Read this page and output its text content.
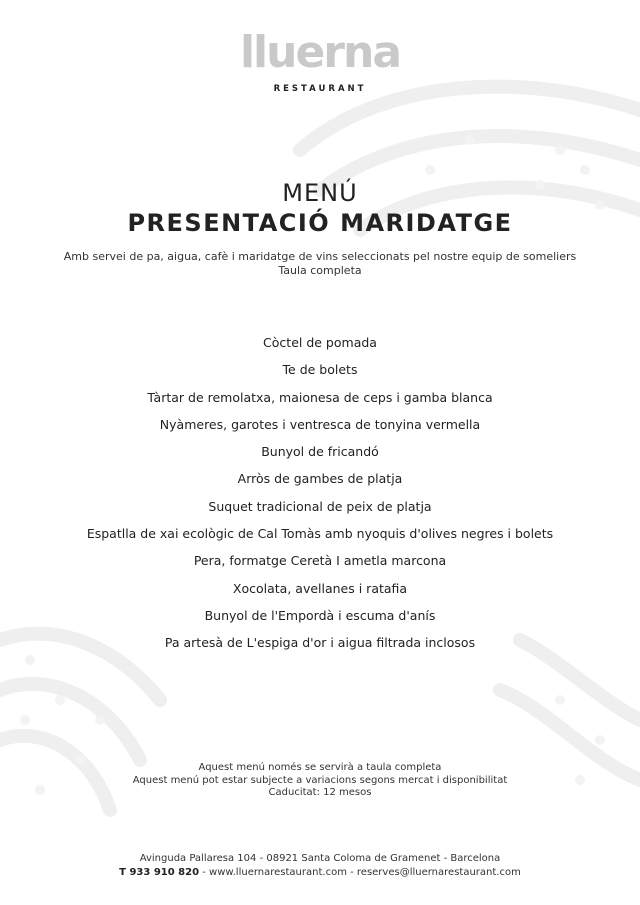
lluerna
RESTAURANT
MENÚ
PRESENTACIÓ MARIDATGE
Amb servei de pa, aigua, cafè i maridatge de vins seleccionats pel nostre equip de someliers
Taula completa
Còctel de pomada
Te de bolets
Tàrtar de remolatxa, maionesa de ceps i gamba blanca
Nyàmeres, garotes i ventresca de tonyina vermella
Bunyol de fricandó
Arròs de gambes de platja
Suquet tradicional de peix de platja
Espatlla de xai ecològic de Cal Tomàs amb nyoquis d'olives negres i bolets
Pera, formatge Ceretà I ametla marcona
Xocolata, avellanes i ratafia
Bunyol de l'Empordà i escuma d'anís
Pa artesà de L'espiga d'or i aigua filtrada inclosos
Aquest menú només se servirà a taula completa
Aquest menú pot estar subjecte a variacions segons mercat i disponibilitat
Caducitat: 12 mesos
Avinguda Pallaresa 104 - 08921 Santa Coloma de Gramenet - Barcelona
T 933 910 820 - www.lluernarestaurant.com - reserves@lluernarestaurant.com
